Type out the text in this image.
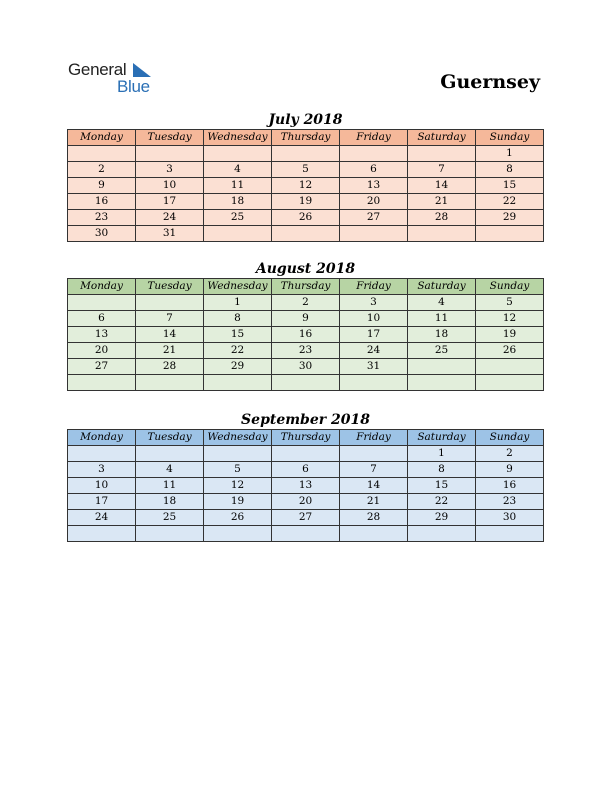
General
Blue	Guernsey
July 2018
Monday	Tuesday	Wednesday	Thursday	Friday	Saturday	Sunday
						1
2	3	4	5	6	7	8
9	10	11	12	13	14	15
16	17	18	19	20	21	22
23	24	25	26	27	28	29
30	31					
August 2018
Monday	Tuesday	Wednesday	Thursday	Friday	Saturday	Sunday
		1	2	3	4	5
6	7	8	9	10	11	12
13	14	15	16	17	18	19
20	21	22	23	24	25	26
27	28	29	30	31		

September 2018
Monday	Tuesday	Wednesday	Thursday	Friday	Saturday	Sunday
					1	2
3	4	5	6	7	8	9
10	11	12	13	14	15	16
17	18	19	20	21	22	23
24	25	26	27	28	29	30
